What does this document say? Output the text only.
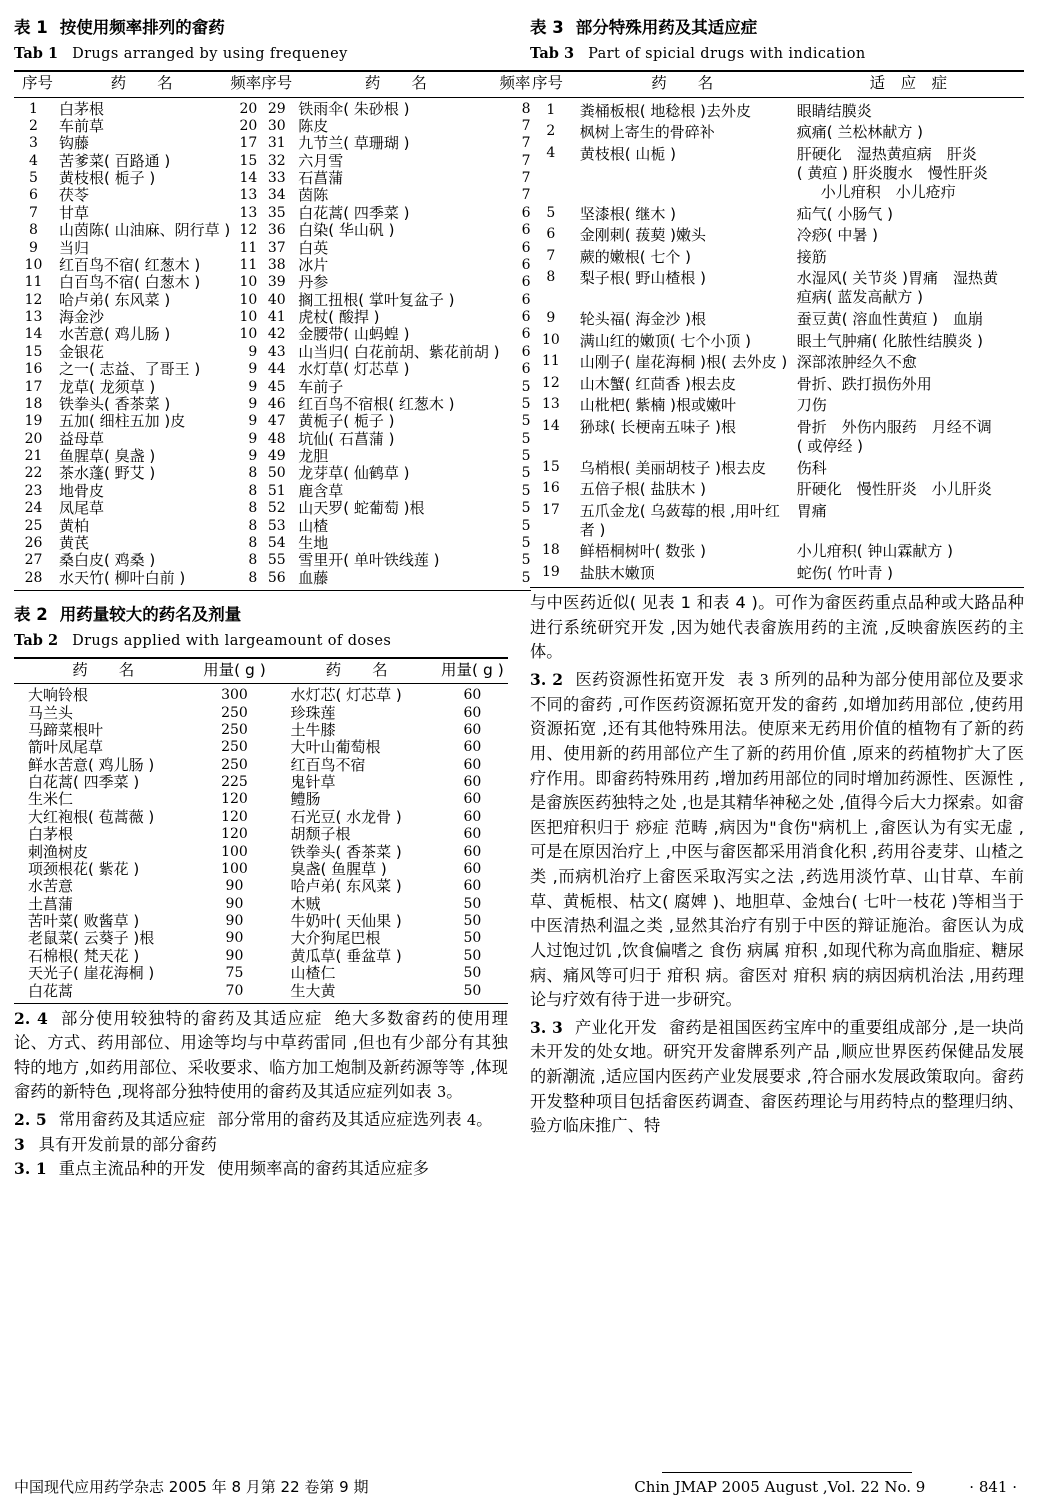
表 1 按使用频率排列的畲药
Tab 1 Drugs arranged by using frequeney
序号	药　　名	频率	序号	药　　名	频率
1	白茅根	20	29	铁雨伞( 朱砂根 )	8
2	车前草	20	30	陈皮	7
3	钩藤	17	31	九节兰( 草珊瑚 )	7
4	苦爹菜( 百路通 )	15	32	六月雪	7
5	黄枝根( 栀子 )	14	33	石菖蒲	7
6	茯苓	13	34	茵陈	7
7	甘草	13	35	白花蒿( 四季菜 )	6
8	山茵陈( 山油麻、阴行草 )	12	36	白染( 华山矾 )	6
9	当归	11	37	白英	6
10	红百鸟不宿( 红葱木 )	11	38	冰片	6
11	白百鸟不宿( 白葱木 )	10	39	丹参	6
12	哈卢弟( 东风菜 )	10	40	搁工扭根( 掌叶复盆子 )	6
13	海金沙	10	41	虎杖( 酸捍 )	6
14	水苦意( 鸡儿肠 )	10	42	金腰带( 山蚂蝗 )	6
15	金银花	9	43	山当归( 白花前胡、紫花前胡 )	6
16	之一( 志益、了哥王 )	9	44	水灯草( 灯芯草 )	6
17	龙草( 龙须草 )	9	45	车前子	5
18	铁拳头( 香茶菜 )	9	46	红百鸟不宿根( 红葱木 )	5
19	五加( 细柱五加 )皮	9	47	黄栀子( 栀子 )	5
20	益母草	9	48	坑仙( 石菖蒲 )	5
21	鱼腥草( 臭盏 )	9	49	龙胆	5
22	茶水蓬( 野艾 )	8	50	龙芽草( 仙鹤草 )	5
23	地骨皮	8	51	鹿含草	5
24	凤尾草	8	52	山天罗( 蛇葡萄 )根	5
25	黄柏	8	53	山楂	5
26	黄芪	8	54	生地	5
27	桑白皮( 鸡桑 )	8	55	雪里开( 单叶铁线莲 )	5
28	水天竹( 柳叶白前 )	8	56	血藤	5

表 2 用药量较大的药名及剂量
Tab 2 Drugs applied with largeamount of doses
药　　名	用量( g )	药　　名	用量( g )
大响铃根	300	水灯芯( 灯芯草 )	60
马兰头	250	珍珠莲	60
马蹄菜根叶	250	土牛膝	60
箭叶凤尾草	250	大叶山葡萄根	60
鲜水苦意( 鸡儿肠 )	250	红百鸟不宿	60
白花蒿( 四季菜 )	225	鬼针草	60
生米仁	120	鳢肠	60
大红袍根( 苞蒿薇 )	120	石光豆( 水龙骨 )	60
白茅根	120	胡颓子根	60
刺渔树皮	100	铁拳头( 香茶菜 )	60
项颈根花( 紫花 )	100	臭盏( 鱼腥草 )	60
水苦意	90	哈卢弟( 东风菜 )	60
土菖蒲	90	木贼	50
苦叶菜( 败酱草 )	90	牛奶叶( 天仙果 )	50
老鼠菜( 云葵子 )根	90	大介狗尾巴根	50
石棉根( 梵天花 )	90	黄瓜草( 垂盆草 )	50
天光子( 崖花海桐 )	75	山楂仁	50
白花蒿	70	生大黄	50

2. 4 部分使用较独特的畲药及其适应症 绝大多数畲药的使用理论、方式、药用部位、用途等均与中草药雷同 ,但也有少部分有其独特的地方 ,如药用部位、采收要求、临方加工炮制及新药源等等 ,体现畲药的新特色 ,现将部分独特使用的畲药及其适应症列如表 3。

2. 5 常用畲药及其适应症 部分常用的畲药及其适应症选列表 4。

3 具有开发前景的部分畲药

3. 1 重点主流品种的开发 使用频率高的畲药其适应症多

表 3 部分特殊用药及其适应症
Tab 3 Part of spicial drugs with indication
序号	药　　名	适　应　症
1	粪桶板根( 地稔根 )去外皮	眼睛结膜炎

2	枫树上寄生的骨碎补	疯痛( 兰松林献方 )

4	黄枝根( 山栀 )	肝硬化　湿热黄疸病　肝炎
( 黄疸 ) 肝炎腹水　慢性肝炎
小儿疳积　小儿疮疖

5	坚漆根( 继木 )	疝气( 小肠气 )

6	金刚刺( 菝葜 )嫩头	冷痧( 中暑 )

7	蕨的嫩根( 七个 )	接筋

8	梨子根( 野山楂根 )	水湿风( 关节炎 )胃痛　湿热黄
疸病( 蓝发高献方 )

9	轮头福( 海金沙 )根	蚕豆黄( 溶血性黄疸 )　血崩

10	满山红的嫩顶( 七个小顶 )	眼土气肿痛( 化脓性结膜炎 )

11	山刚子( 崖花海桐 )根( 去外皮 )	深部浓肿经久不愈

12	山木蟹( 红茴香 )根去皮	骨折、跌打损伤外用

13	山枇杷( 紫楠 )根或嫩叶	刀伤

14	狲球( 长梗南五味子 )根	骨折　外伤内服药　月经不调
( 或停经 )

15	乌梢根( 美丽胡枝子 )根去皮	伤科

16	五倍子根( 盐肤木 )	肝硬化　慢性肝炎　小儿肝炎

17	五爪金龙( 乌蔹莓的根 ,用叶红者 )	胃痛

18	鲜梧桐树叶( 数张 )	小儿疳积( 钟山霖献方 )

19	盐肤木嫩顶	蛇伤( 竹叶青 )

与中医药近似( 见表 1 和表 4 )。可作为畲医药重点品种或大路品种进行系统研究开发 ,因为她代表畲族用药的主流 ,反映畲族医药的主体。

3. 2 医药资源性拓宽开发 表 3 所列的品种为部分使用部位及要求不同的畲药 ,可作医药资源拓宽开发的畲药 ,如增加药用部位 ,使药用资源拓宽 ,还有其他特殊用法。使原来无药用价值的植物有了新的药用、使用新的药用部位产生了新的药用价值 ,原来的药植物扩大了医疗作用。即畲药特殊用药 ,增加药用部位的同时增加药源性、医源性 ,是畲族医药独特之处 ,也是其精华神秘之处 ,值得今后大力探索。如畲医把疳积归于 痧症 范畴 ,病因为"食伤"病机上 ,畲医认为有实无虚 ,可是在原因治疗上 ,中医与畲医都采用消食化积 ,药用谷麦芽、山楂之类 ,而病机治疗上畲医采取泻实之法 ,药选用淡竹草、山甘草、车前草、黄栀根、枯文( 腐婢 )、地胆草、金烛台( 七叶一枝花 )等相当于中医清热利温之类 ,显然其治疗有别于中医的辩证施治。畲医认为成人过饱过饥 ,饮食偏嗜之 食伤 病属 疳积 ,如现代称为高血脂症、糖尿病、痛风等可归于 疳积 病。畲医对 疳积 病的病因病机治法 ,用药理论与疗效有待于进一步研究。

3. 3 产业化开发 畲药是祖国医药宝库中的重要组成部分 ,是一块尚未开发的处女地。研究开发畲牌系列产品 ,顺应世界医药保健品发展的新潮流 ,适应国内医药产业发展要求 ,符合丽水发展政策取向。畲药开发整种项目包括畲医药调查、畲医药理论与用药特点的整理归纳、验方临床推广、特

中国现代应用药学杂志 2005 年 8 月第 22 卷第 9 期	Chin JMAP 2005 August ,Vol. 22 No. 9	· 841 ·
